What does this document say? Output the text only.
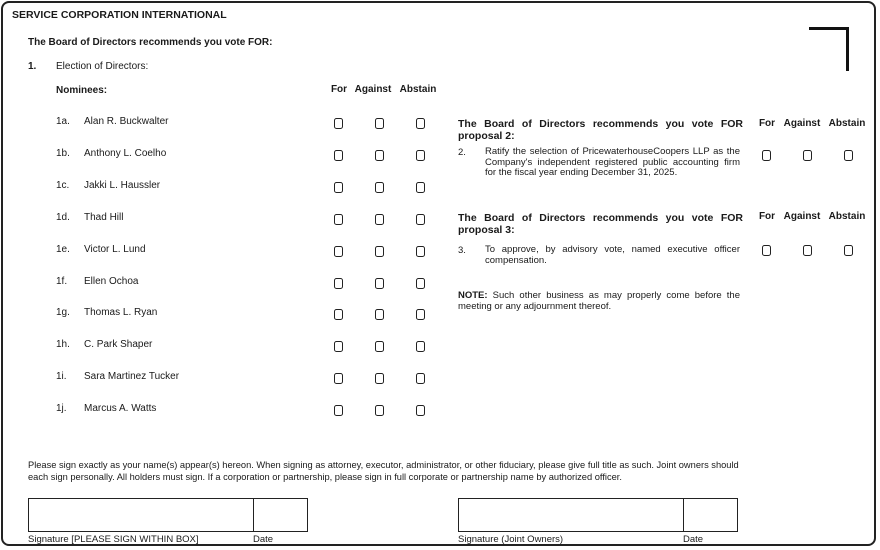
SERVICE CORPORATION INTERNATIONAL
The Board of Directors recommends you vote FOR:
1. Election of Directors:
Nominees:	For Against Abstain
1a. Alan R. Buckwalter
1b. Anthony L. Coelho
1c. Jakki L. Haussler
1d. Thad Hill
1e. Victor L. Lund
1f. Ellen Ochoa
1g. Thomas L. Ryan
1h. C. Park Shaper
1i. Sara Martinez Tucker
1j. Marcus A. Watts
The Board of Directors recommends you vote FOR proposal 2:
For Against Abstain
2. Ratify the selection of PricewaterhouseCoopers LLP as the Company's independent registered public accounting firm for the fiscal year ending December 31, 2025.
The Board of Directors recommends you vote FOR proposal 3:
For Against Abstain
3. To approve, by advisory vote, named executive officer compensation.
NOTE: Such other business as may properly come before the meeting or any adjournment thereof.
Please sign exactly as your name(s) appear(s) hereon. When signing as attorney, executor, administrator, or other fiduciary, please give full title as such. Joint owners should each sign personally. All holders must sign. If a corporation or partnership, please sign in full corporate or partnership name by authorized officer.
Signature [PLEASE SIGN WITHIN BOX]	Date	Signature (Joint Owners)	Date
